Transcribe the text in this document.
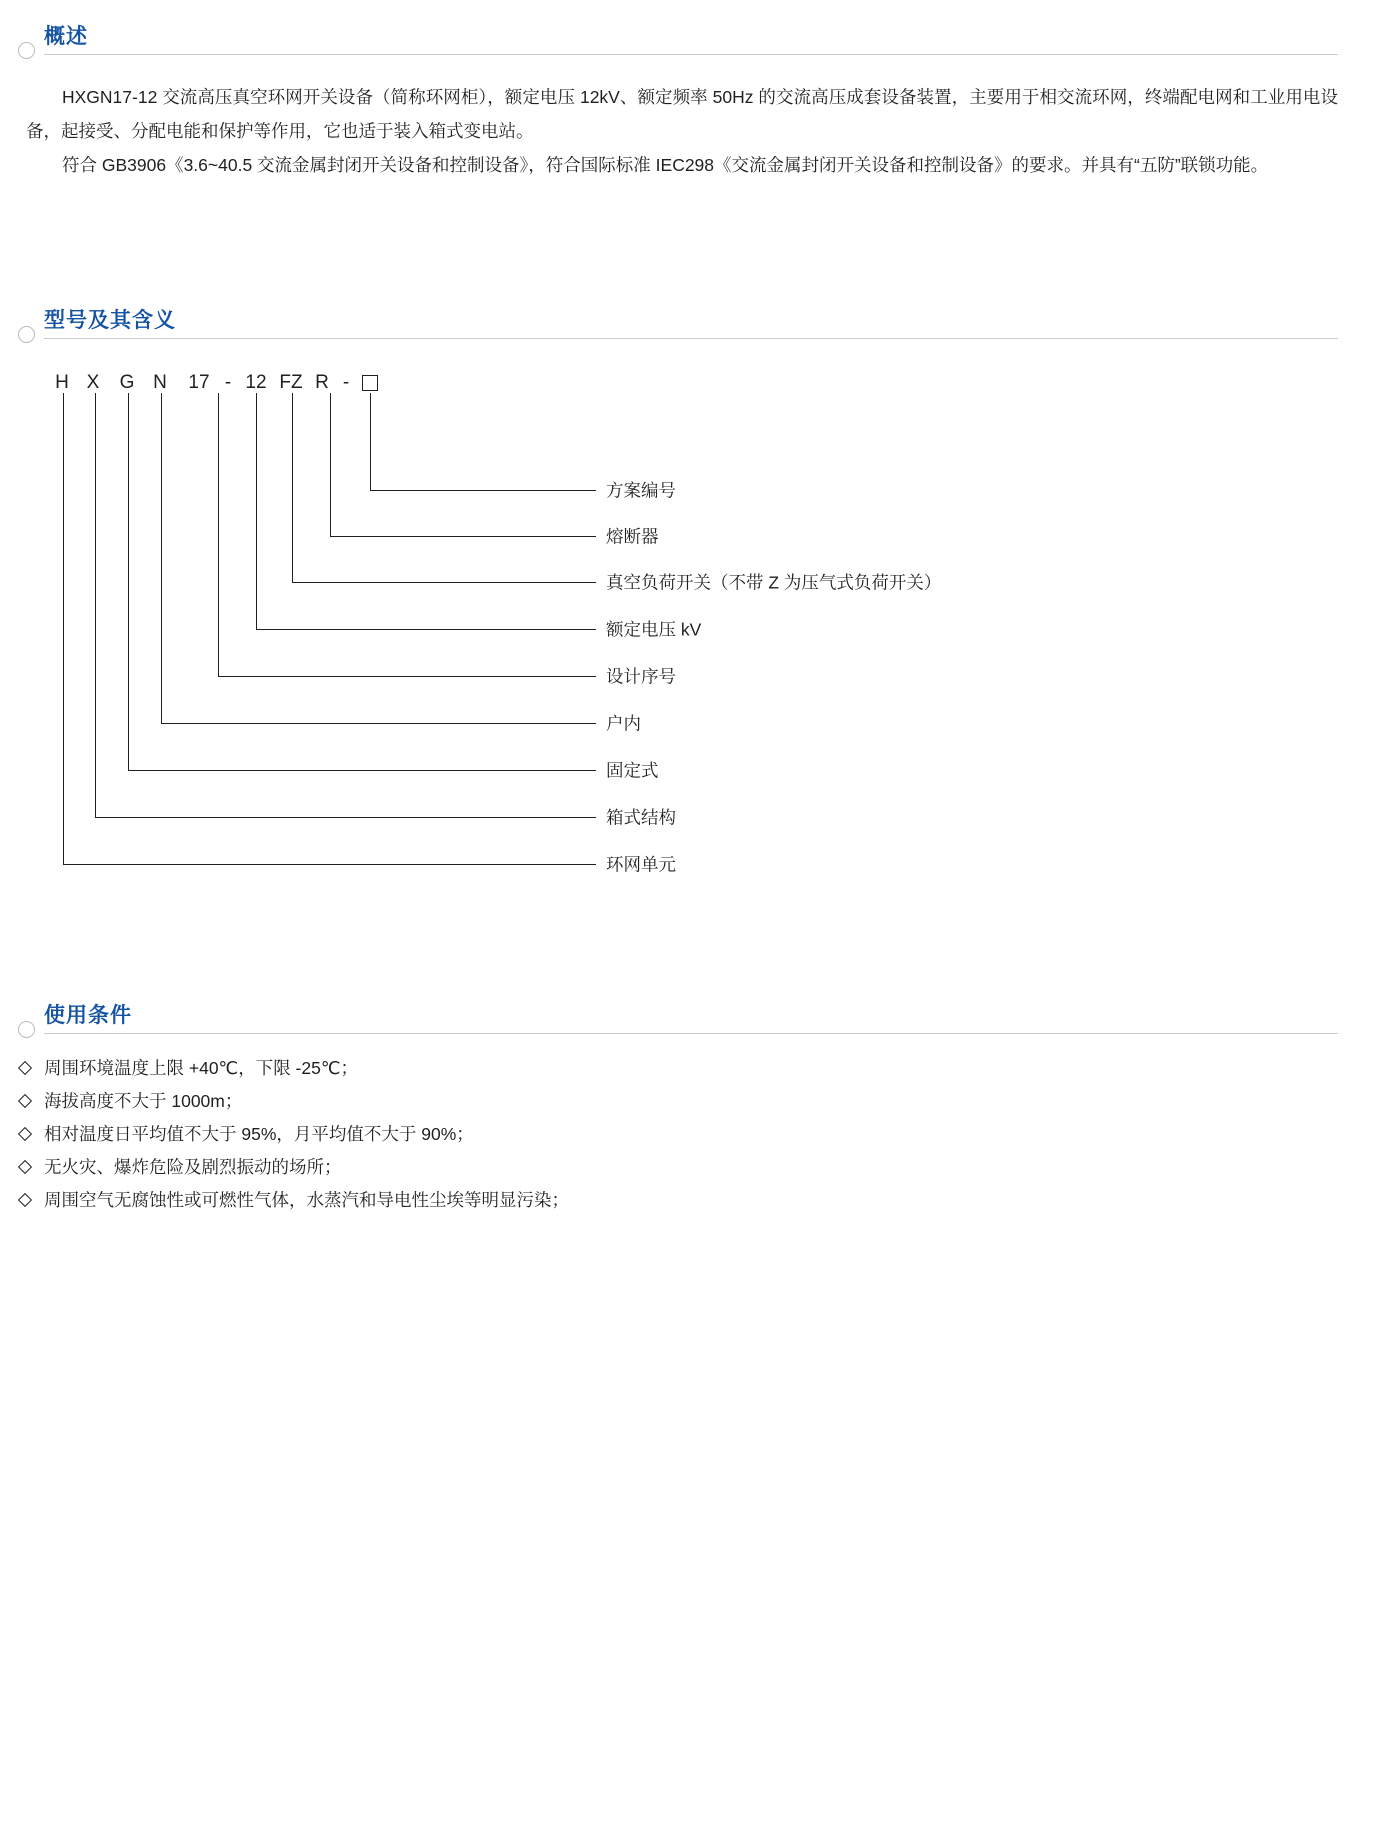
概述
HXGN17-12 交流高压真空环网开关设备（简称环网柜），额定电压 12kV、额定频率 50Hz 的交流高压成套设备装置，主要用于相交流环网，终端配电网和工业用电设备，起接受、分配电能和保护等作用，它也适于装入箱式变电站。
符合 GB3906《3.6~40.5 交流金属封闭开关设备和控制设备》，符合国际标准 IEC298《交流金属封闭开关设备和控制设备》的要求。并具有“五防”联锁功能。
型号及其含义
H X G N 17 - 12 FZ R -
方案编号
熔断器
真空负荷开关（不带 Z 为压气式负荷开关）
额定电压 kV
设计序号
户内
固定式
箱式结构
环网单元
使用条件
周围环境温度上限 +40℃，下限 -25℃；
海拔高度不大于 1000m；
相对温度日平均值不大于 95%，月平均值不大于 90%；
无火灾、爆炸危险及剧烈振动的场所；
周围空气无腐蚀性或可燃性气体，水蒸汽和导电性尘埃等明显污染；
